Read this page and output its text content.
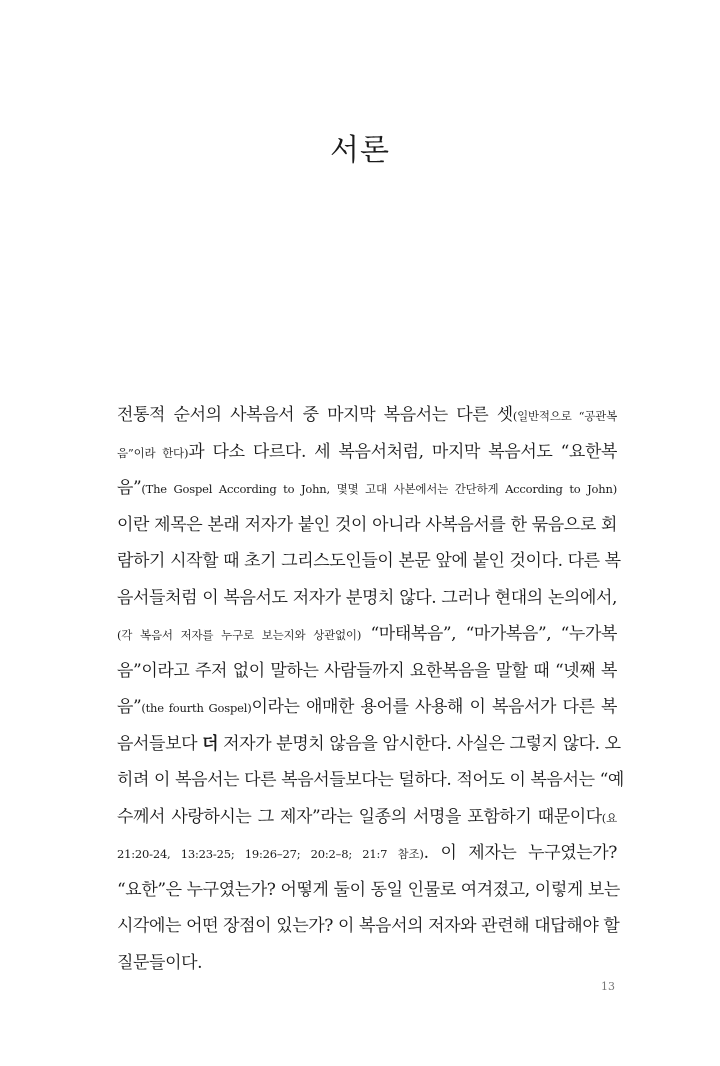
서론
전통적 순서의 사복음서 중 마지막 복음서는 다른 셋(일반적으로 “공관복
음”이라 한다)과 다소 다르다. 세 복음서처럼, 마지막 복음서도 “요한복
음”(The Gospel According to John, 몇몇 고대 사본에서는 간단하게 According to John)
이란 제목은 본래 저자가 붙인 것이 아니라 사복음서를 한 묶음으로 회
람하기 시작할 때 초기 그리스도인들이 본문 앞에 붙인 것이다. 다른 복
음서들처럼 이 복음서도 저자가 분명치 않다. 그러나 현대의 논의에서,
(각 복음서 저자를 누구로 보는지와 상관없이) “마태복음”, “마가복음”, “누가복
음”이라고 주저 없이 말하는 사람들까지 요한복음을 말할 때 “넷째 복
음”(the fourth Gospel)이라는 애매한 용어를 사용해 이 복음서가 다른 복
음서들보다 더 저자가 분명치 않음을 암시한다. 사실은 그렇지 않다. 오
히려 이 복음서는 다른 복음서들보다는 덜하다. 적어도 이 복음서는 “예
수께서 사랑하시는 그 제자”라는 일종의 서명을 포함하기 때문이다(요
21:20-24, 13:23-25; 19:26–27; 20:2–8; 21:7 참조). 이 제자는 누구였는가?
“요한”은 누구였는가? 어떻게 둘이 동일 인물로 여겨졌고, 이렇게 보는
시각에는 어떤 장점이 있는가? 이 복음서의 저자와 관련해 대답해야 할
질문들이다.
13
